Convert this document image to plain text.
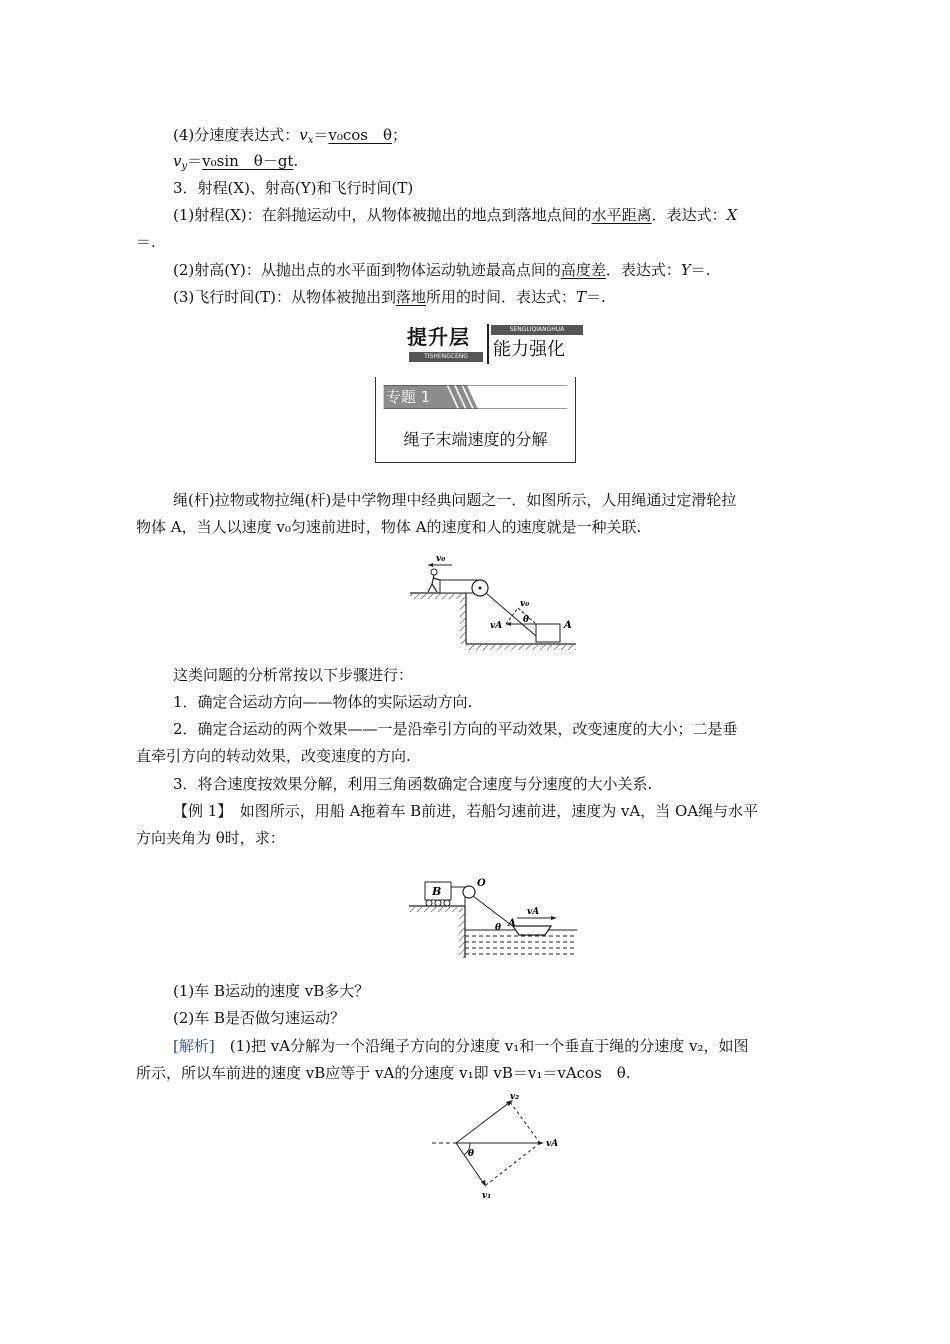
(4)分速度表达式：$v_x=v_0\cos$　θ；
$v_y=v_0\sin$　θ－gt.
3．射程(X)、射高(Y)和飞行时间(T)
(1)射程(X)：在斜抛运动中，从物体被抛出的地点到落地点间的水平距离．表达式：X
＝.
(2)射高(Y)：从抛出点的水平面到物体运动轨迹最高点间的高度差．表达式：Y＝.
(3)飞行时间(T)：从物体被抛出到落地所用的时间．表达式：T＝.
提升层
TISHENGCENG
SENGLIQIANGHUA
能力强化
专题 1
绳子末端速度的分解
绳(杆)拉物或物拉绳(杆)是中学物理中经典问题之一．如图所示，人用绳通过定滑轮拉
物体 A，当人以速度 v₀匀速前进时，物体 A的速度和人的速度就是一种关联.
v₀
A
vA
v₀
θ
这类问题的分析常按以下步骤进行：
1．确定合运动方向——物体的实际运动方向.
2．确定合运动的两个效果——一是沿牵引方向的平动效果，改变速度的大小；二是垂
直牵引方向的转动效果，改变速度的方向.
3．将合速度按效果分解，利用三角函数确定合速度与分速度的大小关系.
【例 1】　如图所示，用船 A拖着车 B前进，若船匀速前进，速度为 vA，当 OA绳与水平
方向夹角为 θ时，求：
B
O
A
θ
vA
(1)车 B运动的速度 vB多大？
(2)车 B是否做匀速运动？
[解析]　(1)把 vA分解为一个沿绳子方向的分速度 v₁和一个垂直于绳的分速度 v₂，如图
所示，所以车前进的速度 vB应等于 vA的分速度 v₁即 vB＝v₁＝vAcos　θ.
vA
v₂
v₁
θ
